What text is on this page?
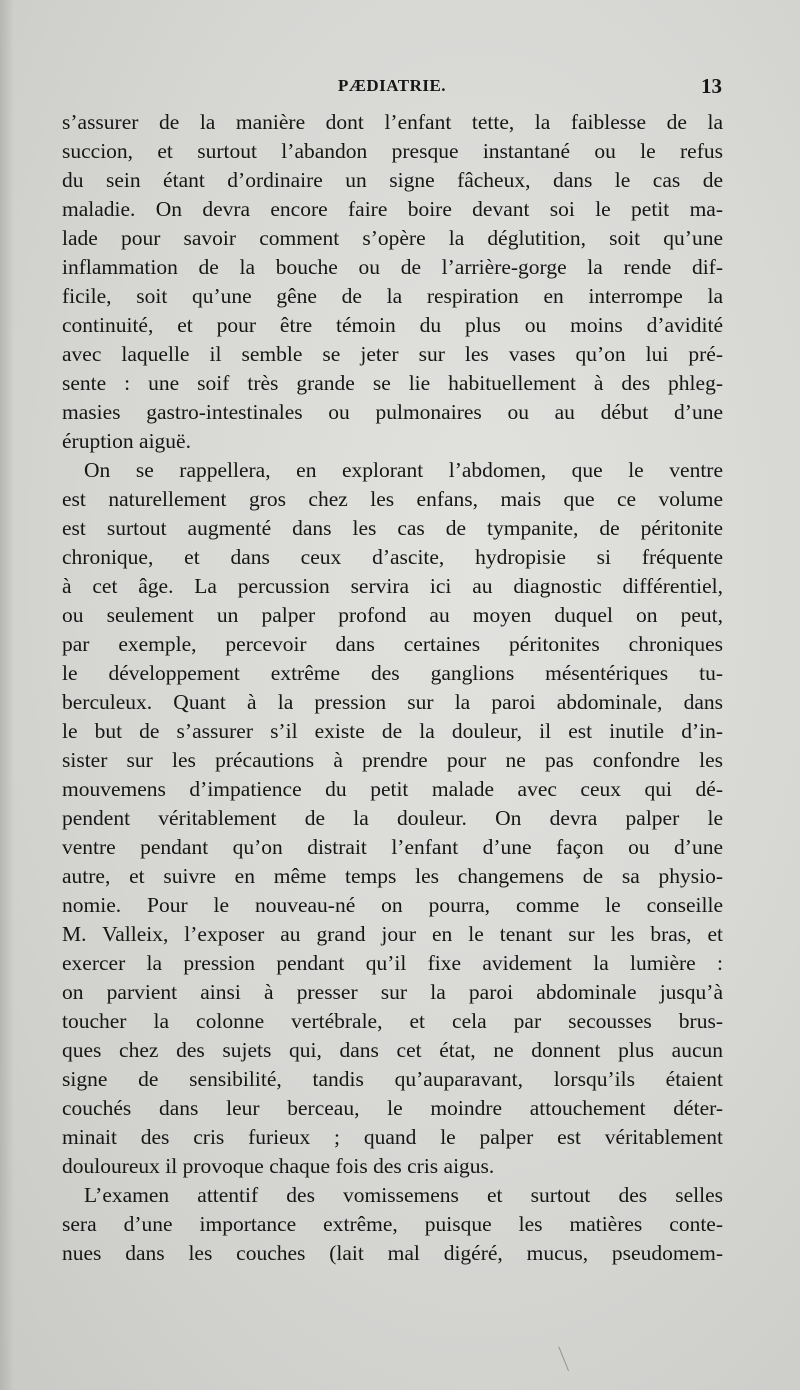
PÆDIATRIE.	13
s’assurer de la manière dont l’enfant tette, la faiblesse de la
succion, et surtout l’abandon presque instantané ou le refus
du sein étant d’ordinaire un signe fâcheux, dans le cas de
maladie. On devra encore faire boire devant soi le petit ma-
lade pour savoir comment s’opère la déglutition, soit qu’une
inflammation de la bouche ou de l’arrière-gorge la rende dif-
ficile, soit qu’une gêne de la respiration en interrompe la
continuité, et pour être témoin du plus ou moins d’avidité
avec laquelle il semble se jeter sur les vases qu’on lui pré-
sente : une soif très grande se lie habituellement à des phleg-
masies gastro-intestinales ou pulmonaires ou au début d’une
éruption aiguë.
On se rappellera, en explorant l’abdomen, que le ventre
est naturellement gros chez les enfans, mais que ce volume
est surtout augmenté dans les cas de tympanite, de péritonite
chronique, et dans ceux d’ascite, hydropisie si fréquente
à cet âge. La percussion servira ici au diagnostic différentiel,
ou seulement un palper profond au moyen duquel on peut,
par exemple, percevoir dans certaines péritonites chroniques
le développement extrême des ganglions mésentériques tu-
berculeux. Quant à la pression sur la paroi abdominale, dans
le but de s’assurer s’il existe de la douleur, il est inutile d’in-
sister sur les précautions à prendre pour ne pas confondre les
mouvemens d’impatience du petit malade avec ceux qui dé-
pendent véritablement de la douleur. On devra palper le
ventre pendant qu’on distrait l’enfant d’une façon ou d’une
autre, et suivre en même temps les changemens de sa physio-
nomie. Pour le nouveau-né on pourra, comme le conseille
M. Valleix, l’exposer au grand jour en le tenant sur les bras, et
exercer la pression pendant qu’il fixe avidement la lumière :
on parvient ainsi à presser sur la paroi abdominale jusqu’à
toucher la colonne vertébrale, et cela par secousses brus-
ques chez des sujets qui, dans cet état, ne donnent plus aucun
signe de sensibilité, tandis qu’auparavant, lorsqu’ils étaient
couchés dans leur berceau, le moindre attouchement déter-
minait des cris furieux ; quand le palper est véritablement
douloureux il provoque chaque fois des cris aigus.
L’examen attentif des vomissemens et surtout des selles
sera d’une importance extrême, puisque les matières conte-
nues dans les couches (lait mal digéré, mucus, pseudomem-
